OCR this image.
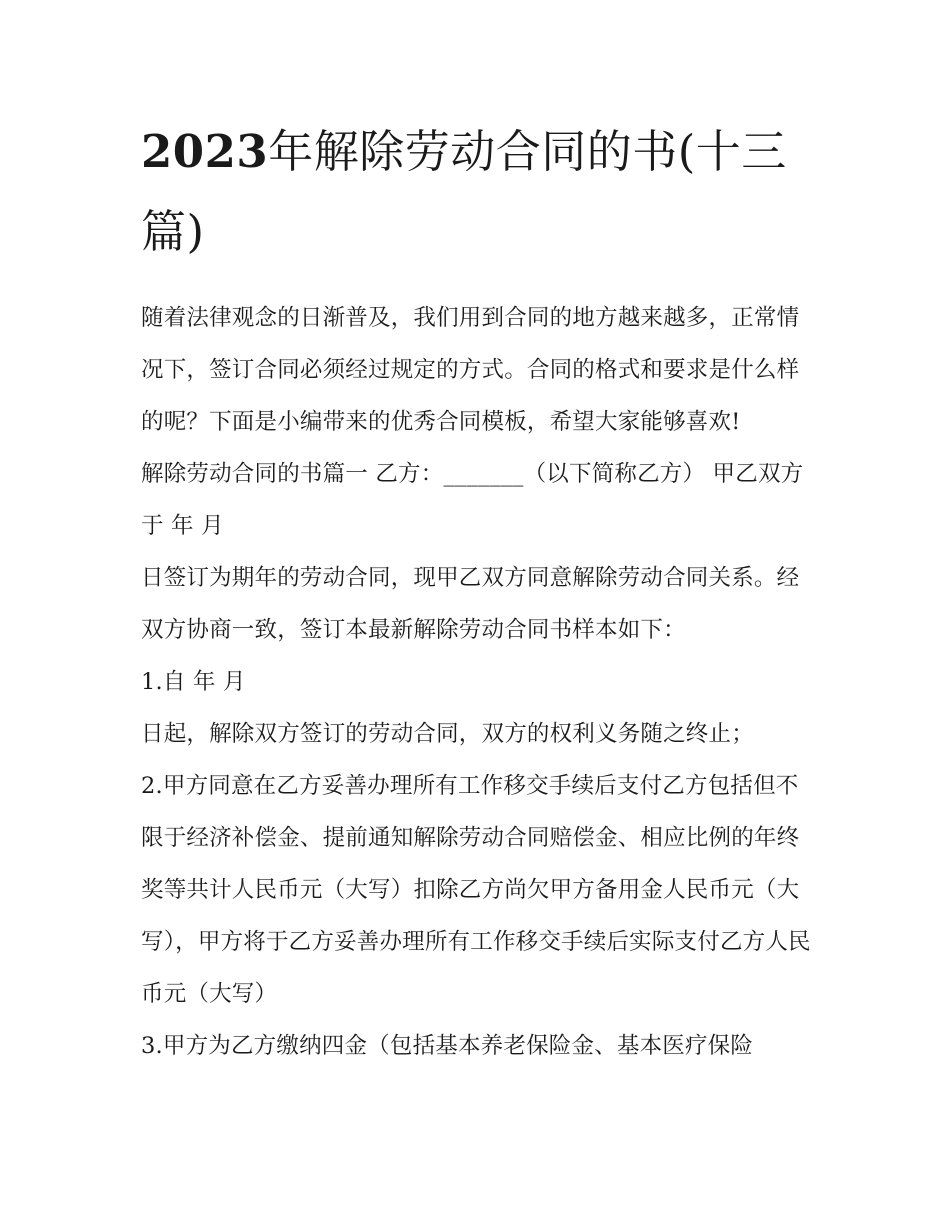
2023年解除劳动合同的书(十三篇)

随着法律观念的日渐普及，我们用到合同的地方越来越多，正常情况下，签订合同必须经过规定的方式。合同的格式和要求是什么样的呢？下面是小编带来的优秀合同模板，希望大家能够喜欢!

解除劳动合同的书篇一 乙方：_______（以下简称乙方） 甲乙双方于 年 月

日签订为期年的劳动合同，现甲乙双方同意解除劳动合同关系。经双方协商一致，签订本最新解除劳动合同书样本如下：

1.自 年 月

日起，解除双方签订的劳动合同，双方的权利义务随之终止；

2.甲方同意在乙方妥善办理所有工作移交手续后支付乙方包括但不限于经济补偿金、提前通知解除劳动合同赔偿金、相应比例的年终奖等共计人民币元（大写）扣除乙方尚欠甲方备用金人民币元（大写），甲方将于乙方妥善办理所有工作移交手续后实际支付乙方人民币元（大写）

3.甲方为乙方缴纳四金（包括基本养老保险金、基本医疗保险
